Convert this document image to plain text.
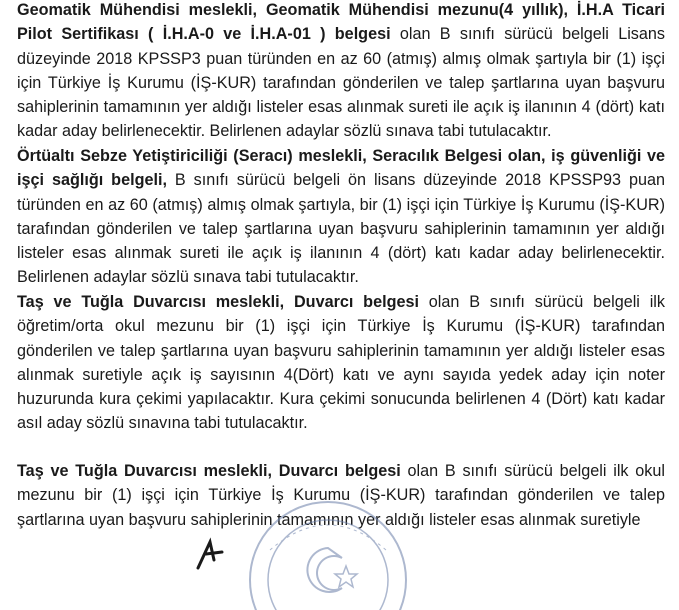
Geomatik Mühendisi meslekli, Geomatik Mühendisi mezunu(4 yıllık), İ.H.A Ticari Pilot Sertifikası ( İ.H.A-0 ve İ.H.A-01 ) belgesi olan B sınıfı sürücü belgeli Lisans düzeyinde 2018 KPSSP3 puan türünden en az 60 (atmış) almış olmak şartıyla bir (1) işçi için Türkiye İş Kurumu (İŞ-KUR) tarafından gönderilen ve talep şartlarına uyan başvuru sahiplerinin tamamının yer aldığı listeler esas alınmak sureti ile açık iş ilanının 4 (dört) katı kadar aday belirlenecektir. Belirlenen adaylar sözlü sınava tabi tutulacaktır.

Örtüaltı Sebze Yetiştiriciliği (Seracı) meslekli, Seracılık Belgesi olan, iş güvenliği ve işçi sağlığı belgeli, B sınıfı sürücü belgeli ön lisans düzeyinde 2018 KPSSP93 puan türünden en az 60 (atmış) almış olmak şartıyla, bir (1) işçi için Türkiye İş Kurumu (İŞ-KUR) tarafından gönderilen ve talep şartlarına uyan başvuru sahiplerinin tamamının yer aldığı listeler esas alınmak sureti ile açık iş ilanının 4 (dört) katı kadar aday belirlenecektir. Belirlenen adaylar sözlü sınava tabi tutulacaktır.

Taş ve Tuğla Duvarcısı meslekli, Duvarcı belgesi olan B sınıfı sürücü belgeli ilk öğretim/orta okul mezunu bir (1) işçi için Türkiye İş Kurumu (İŞ-KUR) tarafından gönderilen ve talep şartlarına uyan başvuru sahiplerinin tamamının yer aldığı listeler esas alınmak suretiyle açık iş sayısının 4(Dört) katı ve aynı sayıda yedek aday için noter huzurunda kura çekimi yapılacaktır. Kura çekimi sonucunda belirlenen 4 (Dört) katı kadar asıl aday sözlü sınavına tabi tutulacaktır.

Taş ve Tuğla Duvarcısı meslekli, Duvarcı belgesi olan B sınıfı sürücü belgeli ilk okul mezunu bir (1) işçi için Türkiye İş Kurumu (İŞ-KUR) tarafından gönderilen ve talep şartlarına uyan başvuru sahiplerinin tamamının yer aldığı listeler esas alınmak suretiyle
